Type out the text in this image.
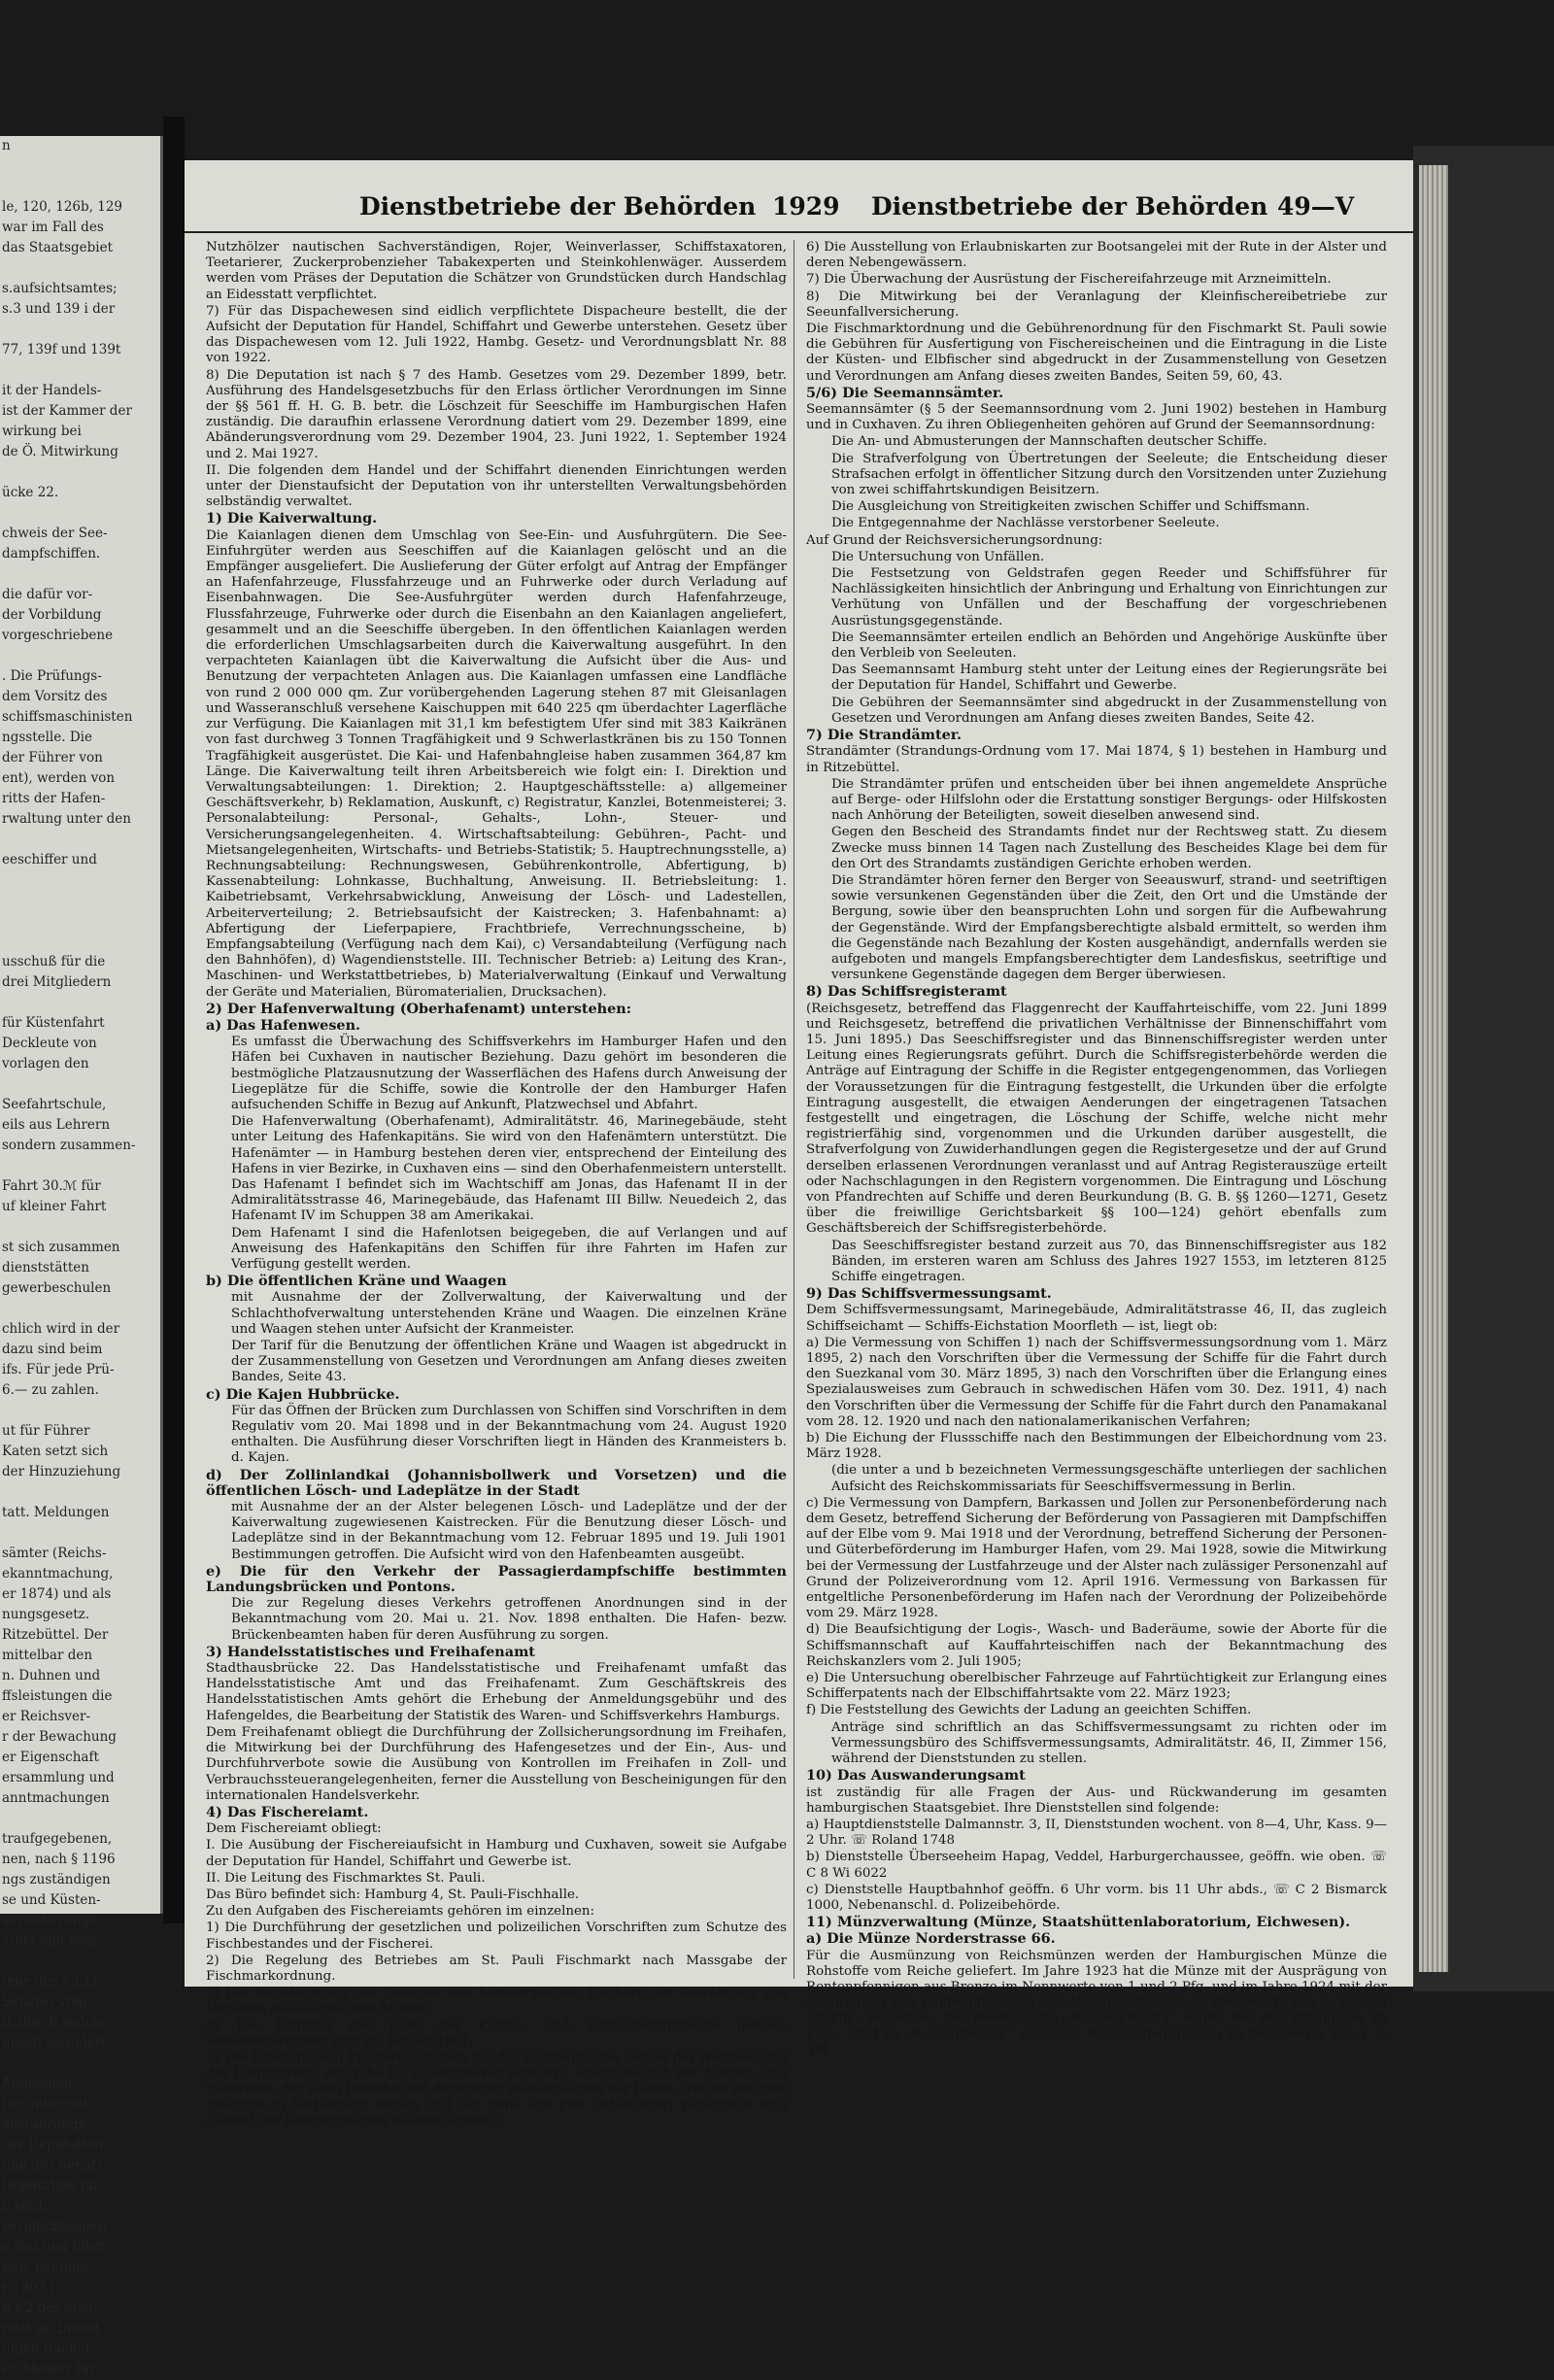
n

le, 120, 126b, 129
war im Fall des
das Staatsgebiet

s.aufsichtsamtes;
s.3 und 139 i der

77, 139f und 139t

it der Handels-
ist der Kammer der
wirkung bei
de Ö. Mitwirkung

ücke 22.

chweis der See-
dampfschiffen.

die dafür vor-
der Vorbildung
vorgeschriebene

. Die Prüfungs-
dem Vorsitz des
schiffsmaschinisten
ngsstelle. Die
der Führer von
ent), werden von
ritts der Hafen-
rwaltung unter den

eeschiffer und

usschuß für die
drei Mitgliedern

für Küstenfahrt
Deckleute von
vorlagen den

Seefahrtschule,
eils aus Lehrern
sondern zusammen-

Fahrt 30.ℳ für
uf kleiner Fahrt

st sich zusammen
dienststätten
gewerbeschulen

chlich wird in der
dazu sind beim
ifs. Für jede Prü-
6.— zu zahlen.

ut für Führer
Katen setzt sich
der Hinzuziehung

tatt. Meldungen

sämter (Reichs-
ekanntmachung,
er 1874) und als
nungsgesetz.
Ritzebüttel. Der
mittelbar den
n. Duhnen und
ffsleistungen die
er Reichsver-
r der Bewachung
er Eigenschaft
ersammlung und
anntmachungen

traufgegebenen,
nen, nach § 1196
ngs zuständigen
se und Küsten-
versicherungs-
1903 und vom

inne des § 133
Senates vom
n, durch welche
gezeit geändert

Angelegen-
lne unter ent-
ausführungs-
der Deputation
ung des Senats
Deputation für
n sind.
verpflichtenden
e fest und führt
nde, beidigte
r 1907.)
n § 2 des eben-
ndet im Dienst
digen Bucher-
er, Messer für
Dienstbetriebe der Behörden 1929 Dienstbetriebe der Behörden 49—V

Nutzhölzer nautischen Sachverständigen, Rojer, Weinverlasser, Schiffstaxatoren, Teetarierer, Zuckerprobenzieher Tabakexperten und Steinkohlenwäger. Ausserdem werden vom Präses der Deputation die Schätzer von Grundstücken durch Handschlag an Eidesstatt verpflichtet.

7) Für das Dispachewesen sind eidlich verpflichtete Dispacheure bestellt, die der Aufsicht der Deputation für Handel, Schiffahrt und Gewerbe unterstehen. Gesetz über das Dispachewesen vom 12. Juli 1922, Hambg. Gesetz- und Verordnungsblatt Nr. 88 von 1922.

8) Die Deputation ist nach § 7 des Hamb. Gesetzes vom 29. Dezember 1899, betr. Ausführung des Handelsgesetzbuchs für den Erlass örtlicher Verordnungen im Sinne der §§ 561 ff. H. G. B. betr. die Löschzeit für Seeschiffe im Hamburgischen Hafen zuständig. Die daraufhin erlassene Verordnung datiert vom 29. Dezember 1899, eine Abänderungsverordnung vom 29. Dezember 1904, 23. Juni 1922, 1. September 1924 und 2. Mai 1927.

II. Die folgenden dem Handel und der Schiffahrt dienenden Einrichtungen werden unter der Dienstaufsicht der Deputation von ihr unterstellten Verwaltungsbehörden selbständig verwaltet.

1) Die Kaiverwaltung.

Die Kaianlagen dienen dem Umschlag von See-Ein- und Ausfuhrgütern. Die See-Einfuhrgüter werden aus Seeschiffen auf die Kaianlagen gelöscht und an die Empfänger ausgeliefert. Die Auslieferung der Güter erfolgt auf Antrag der Empfänger an Hafenfahrzeuge, Flussfahrzeuge und an Fuhrwerke oder durch Verladung auf Eisenbahnwagen. Die See-Ausfuhrgüter werden durch Hafenfahrzeuge, Flussfahrzeuge, Fuhrwerke oder durch die Eisenbahn an den Kaianlagen angeliefert, gesammelt und an die Seeschiffe übergeben. In den öffentlichen Kaianlagen werden die erforderlichen Umschlagsarbeiten durch die Kaiverwaltung ausgeführt. In den verpachteten Kaianlagen übt die Kaiverwaltung die Aufsicht über die Aus- und Benutzung der verpachteten Anlagen aus. Die Kaianlagen umfassen eine Landfläche von rund 2 000 000 qm. Zur vorübergehenden Lagerung stehen 87 mit Gleisanlagen und Wasseranschluß versehene Kaischuppen mit 640 225 qm überdachter Lagerfläche zur Verfügung. Die Kaianlagen mit 31,1 km befestigtem Ufer sind mit 383 Kaikränen von fast durchweg 3 Tonnen Tragfähigkeit und 9 Schwerlastkränen bis zu 150 Tonnen Tragfähigkeit ausgerüstet. Die Kai- und Hafenbahngleise haben zusammen 364,87 km Länge. Die Kaiverwaltung teilt ihren Arbeitsbereich wie folgt ein: I. Direktion und Verwaltungsabteilungen: 1. Direktion; 2. Hauptgeschäftsstelle: a) allgemeiner Geschäftsverkehr, b) Reklamation, Auskunft, c) Registratur, Kanzlei, Botenmeisterei; 3. Personalabteilung: Personal-, Gehalts-, Lohn-, Steuer- und Versicherungsangelegenheiten. 4. Wirtschaftsabteilung: Gebühren-, Pacht- und Mietsangelegenheiten, Wirtschafts- und Betriebs-Statistik; 5. Hauptrechnungsstelle, a) Rechnungsabteilung: Rechnungswesen, Gebührenkontrolle, Abfertigung, b) Kassenabteilung: Lohnkasse, Buchhaltung, Anweisung. II. Betriebsleitung: 1. Kaibetriebsamt, Verkehrsabwicklung, Anweisung der Lösch- und Ladestellen, Arbeiterverteilung; 2. Betriebsaufsicht der Kaistrecken; 3. Hafenbahnamt: a) Abfertigung der Lieferpapiere, Frachtbriefe, Verrechnungsscheine, b) Empfangsabteilung (Verfügung nach dem Kai), c) Versandabteilung (Verfügung nach den Bahnhöfen), d) Wagendienststelle. III. Technischer Betrieb: a) Leitung des Kran-, Maschinen- und Werkstattbetriebes, b) Materialverwaltung (Einkauf und Verwaltung der Geräte und Materialien, Büromaterialien, Drucksachen).

2) Der Hafenverwaltung (Oberhafenamt) unterstehen:

a) Das Hafenwesen.

Es umfasst die Überwachung des Schiffsverkehrs im Hamburger Hafen und den Häfen bei Cuxhaven in nautischer Beziehung. Dazu gehört im besonderen die bestmögliche Platzausnutzung der Wasserflächen des Hafens durch Anweisung der Liegeplätze für die Schiffe, sowie die Kontrolle der den Hamburger Hafen aufsuchenden Schiffe in Bezug auf Ankunft, Platzwechsel und Abfahrt.

Die Hafenverwaltung (Oberhafenamt), Admiralitätstr. 46, Marinegebäude, steht unter Leitung des Hafenkapitäns. Sie wird von den Hafenämtern unterstützt. Die Hafenämter — in Hamburg bestehen deren vier, entsprechend der Einteilung des Hafens in vier Bezirke, in Cuxhaven eins — sind den Oberhafenmeistern unterstellt. Das Hafenamt I befindet sich im Wachtschiff am Jonas, das Hafenamt II in der Admiralitätsstrasse 46, Marinegebäude, das Hafenamt III Billw. Neuedeich 2, das Hafenamt IV im Schuppen 38 am Amerikakai.

Dem Hafenamt I sind die Hafenlotsen beigegeben, die auf Verlangen und auf Anweisung des Hafenkapitäns den Schiffen für ihre Fahrten im Hafen zur Verfügung gestellt werden.

b) Die öffentlichen Kräne und Waagen

mit Ausnahme der der Zollverwaltung, der Kaiverwaltung und der Schlachthofverwaltung unterstehenden Kräne und Waagen. Die einzelnen Kräne und Waagen stehen unter Aufsicht der Kranmeister.

Der Tarif für die Benutzung der öffentlichen Kräne und Waagen ist abgedruckt in der Zusammenstellung von Gesetzen und Verordnungen am Anfang dieses zweiten Bandes, Seite 43.

c) Die Kajen Hubbrücke.

Für das Öffnen der Brücken zum Durchlassen von Schiffen sind Vorschriften in dem Regulativ vom 20. Mai 1898 und in der Bekanntmachung vom 24. August 1920 enthalten. Die Ausführung dieser Vorschriften liegt in Händen des Kranmeisters b. d. Kajen.

d) Der Zollinlandkai (Johannisbollwerk und Vorsetzen) und die öffentlichen Lösch- und Ladeplätze in der Stadt

mit Ausnahme der an der Alster belegenen Lösch- und Ladeplätze und der der Kaiverwaltung zugewiesenen Kaistrecken. Für die Benutzung dieser Lösch- und Ladeplätze sind in der Bekanntmachung vom 12. Februar 1895 und 19. Juli 1901 Bestimmungen getroffen. Die Aufsicht wird von den Hafenbeamten ausgeübt.

e) Die für den Verkehr der Passagierdampfschiffe bestimmten Landungsbrücken und Pontons.

Die zur Regelung dieses Verkehrs getroffenen Anordnungen sind in der Bekanntmachung vom 20. Mai u. 21. Nov. 1898 enthalten. Die Hafen- bezw. Brückenbeamten haben für deren Ausführung zu sorgen.

3) Handelsstatistisches und Freihafenamt

Stadthausbrücke 22. Das Handelsstatistische und Freihafenamt umfaßt das Handelsstatistische Amt und das Freihafenamt. Zum Geschäftskreis des Handelsstatistischen Amts gehört die Erhebung der Anmeldungsgebühr und des Hafengeldes, die Bearbeitung der Statistik des Waren- und Schiffsverkehrs Hamburgs.

Dem Freihafenamt obliegt die Durchführung der Zollsicherungsordnung im Freihafen, die Mitwirkung bei der Durchführung des Hafengesetzes und der Ein-, Aus- und Durchfuhrverbote sowie die Ausübung von Kontrollen im Freihafen in Zoll- und Verbrauchssteuerangelegenheiten, ferner die Ausstellung von Bescheinigungen für den internationalen Handelsverkehr.

4) Das Fischereiamt.

Dem Fischereiamt obliegt:

I. Die Ausübung der Fischereiaufsicht in Hamburg und Cuxhaven, soweit sie Aufgabe der Deputation für Handel, Schiffahrt und Gewerbe ist.

II. Die Leitung des Fischmarktes St. Pauli.

Das Büro befindet sich: Hamburg 4, St. Pauli-Fischhalle.

Zu den Aufgaben des Fischereiamts gehören im einzelnen:

1) Die Durchführung der gesetzlichen und polizeilichen Vorschriften zum Schutze des Fischbestandes und der Fischerei.

2) Die Regelung des Betriebes am St. Pauli Fischmarkt nach Massgabe der Fischmarkordnung.

3) Die Begutachtung der Gesuche von hamburgischen Fischern um Gewährung von Darlehen aus öffentlichen Mitteln.

4) Die Führung der Liste der Küsten- und Elbfischerfahrzeuge gemäss Senatsverordnung vom 25. Januar 1901.

5) Die Erteilung von Fischereischeinen für das hamburgische Gebiet der Nordsee und des Hauptstroms der Elbe bis Zollenspieker aufwärts, einschliesslich der Norder- und Süderelbe, der alten Dovelbe und derjenigen Wasserflächen der Häfen, welche mit dem Elbstrom in Verbindung stehen und der Ebbe und Flut unbehindert zugänglich sind (Gebiet der hamburgischen Küstenfischerei).

6) Die Ausstellung von Erlaubniskarten zur Bootsangelei mit der Rute in der Alster und deren Nebengewässern.

7) Die Überwachung der Ausrüstung der Fischereifahrzeuge mit Arzneimitteln.

8) Die Mitwirkung bei der Veranlagung der Kleinfischereibetriebe zur Seeunfallversicherung.

Die Fischmarktordnung und die Gebührenordnung für den Fischmarkt St. Pauli sowie die Gebühren für Ausfertigung von Fischereischeinen und die Eintragung in die Liste der Küsten- und Elbfischer sind abgedruckt in der Zusammenstellung von Gesetzen und Verordnungen am Anfang dieses zweiten Bandes, Seiten 59, 60, 43.

5/6) Die Seemannsämter.

Seemannsämter (§ 5 der Seemannsordnung vom 2. Juni 1902) bestehen in Hamburg und in Cuxhaven. Zu ihren Obliegenheiten gehören auf Grund der Seemannsordnung:

Die An- und Abmusterungen der Mannschaften deutscher Schiffe.

Die Strafverfolgung von Übertretungen der Seeleute; die Entscheidung dieser Strafsachen erfolgt in öffentlicher Sitzung durch den Vorsitzenden unter Zuziehung von zwei schiffahrtskundigen Beisitzern.

Die Ausgleichung von Streitigkeiten zwischen Schiffer und Schiffsmann.

Die Entgegennahme der Nachlässe verstorbener Seeleute.

Auf Grund der Reichsversicherungsordnung:

Die Untersuchung von Unfällen.

Die Festsetzung von Geldstrafen gegen Reeder und Schiffsführer für Nachlässigkeiten hinsichtlich der Anbringung und Erhaltung von Einrichtungen zur Verhütung von Unfällen und der Beschaffung der vorgeschriebenen Ausrüstungsgegenstände.

Die Seemannsämter erteilen endlich an Behörden und Angehörige Auskünfte über den Verbleib von Seeleuten.

Das Seemannsamt Hamburg steht unter der Leitung eines der Regierungsräte bei der Deputation für Handel, Schiffahrt und Gewerbe.

Die Gebühren der Seemannsämter sind abgedruckt in der Zusammenstellung von Gesetzen und Verordnungen am Anfang dieses zweiten Bandes, Seite 42.

7) Die Strandämter.

Strandämter (Strandungs-Ordnung vom 17. Mai 1874, § 1) bestehen in Hamburg und in Ritzebüttel.

Die Strandämter prüfen und entscheiden über bei ihnen angemeldete Ansprüche auf Berge- oder Hilfslohn oder die Erstattung sonstiger Bergungs- oder Hilfskosten nach Anhörung der Beteiligten, soweit dieselben anwesend sind.

Gegen den Bescheid des Strandamts findet nur der Rechtsweg statt. Zu diesem Zwecke muss binnen 14 Tagen nach Zustellung des Bescheides Klage bei dem für den Ort des Strandamts zuständigen Gerichte erhoben werden.

Die Strandämter hören ferner den Berger von Seeauswurf, strand- und seetriftigen sowie versunkenen Gegenständen über die Zeit, den Ort und die Umstände der Bergung, sowie über den beanspruchten Lohn und sorgen für die Aufbewahrung der Gegenstände. Wird der Empfangsberechtigte alsbald ermittelt, so werden ihm die Gegenstände nach Bezahlung der Kosten ausgehändigt, andernfalls werden sie aufgeboten und mangels Empfangsberechtigter dem Landesfiskus, seetriftige und versunkene Gegenstände dagegen dem Berger überwiesen.

8) Das Schiffsregisteramt

(Reichsgesetz, betreffend das Flaggenrecht der Kauffahrteischiffe, vom 22. Juni 1899 und Reichsgesetz, betreffend die privatlichen Verhältnisse der Binnenschiffahrt vom 15. Juni 1895.) Das Seeschiffsregister und das Binnenschiffsregister werden unter Leitung eines Regierungsrats geführt. Durch die Schiffsregisterbehörde werden die Anträge auf Eintragung der Schiffe in die Register entgegengenommen, das Vorliegen der Voraussetzungen für die Eintragung festgestellt, die Urkunden über die erfolgte Eintragung ausgestellt, die etwaigen Aenderungen der eingetragenen Tatsachen festgestellt und eingetragen, die Löschung der Schiffe, welche nicht mehr registrierfähig sind, vorgenommen und die Urkunden darüber ausgestellt, die Strafverfolgung von Zuwiderhandlungen gegen die Registergesetze und der auf Grund derselben erlassenen Verordnungen veranlasst und auf Antrag Registerauszüge erteilt oder Nachschlagungen in den Registern vorgenommen. Die Eintragung und Löschung von Pfandrechten auf Schiffe und deren Beurkundung (B. G. B. §§ 1260—1271, Gesetz über die freiwillige Gerichtsbarkeit §§ 100—124) gehört ebenfalls zum Geschäftsbereich der Schiffsregisterbehörde.

Das Seeschiffsregister bestand zurzeit aus 70, das Binnenschiffsregister aus 182 Bänden, im ersteren waren am Schluss des Jahres 1927 1553, im letzteren 8125 Schiffe eingetragen.

9) Das Schiffsvermessungsamt.

Dem Schiffsvermessungsamt, Marinegebäude, Admiralitätstrasse 46, II, das zugleich Schiffseichamt — Schiffs-Eichstation Moorfleth — ist, liegt ob:

a) Die Vermessung von Schiffen 1) nach der Schiffsvermessungsordnung vom 1. März 1895, 2) nach den Vorschriften über die Vermessung der Schiffe für die Fahrt durch den Suezkanal vom 30. März 1895, 3) nach den Vorschriften über die Erlangung eines Spezialausweises zum Gebrauch in schwedischen Häfen vom 30. Dez. 1911, 4) nach den Vorschriften über die Vermessung der Schiffe für die Fahrt durch den Panamakanal vom 28. 12. 1920 und nach den nationalamerikanischen Verfahren;

b) Die Eichung der Flussschiffe nach den Bestimmungen der Elbeichordnung vom 23. März 1928.

(die unter a und b bezeichneten Vermessungsgeschäfte unterliegen der sachlichen Aufsicht des Reichskommissariats für Seeschiffsvermessung in Berlin.

c) Die Vermessung von Dampfern, Barkassen und Jollen zur Personenbeförderung nach dem Gesetz, betreffend Sicherung der Beförderung von Passagieren mit Dampfschiffen auf der Elbe vom 9. Mai 1918 und der Verordnung, betreffend Sicherung der Personen- und Güterbeförderung im Hamburger Hafen, vom 29. Mai 1928, sowie die Mitwirkung bei der Vermessung der Lustfahrzeuge und der Alster nach zulässiger Personenzahl auf Grund der Polizeiverordnung vom 12. April 1916. Vermessung von Barkassen für entgeltliche Personenbeförderung im Hafen nach der Verordnung der Polizeibehörde vom 29. März 1928.

d) Die Beaufsichtigung der Logis-, Wasch- und Baderäume, sowie der Aborte für die Schiffsmannschaft auf Kauffahrteischiffen nach der Bekanntmachung des Reichskanzlers vom 2. Juli 1905;

e) Die Untersuchung oberelbischer Fahrzeuge auf Fahrtüchtigkeit zur Erlangung eines Schifferpatents nach der Elbschiffahrtsakte vom 22. März 1923;

f) Die Feststellung des Gewichts der Ladung an geeichten Schiffen.

Anträge sind schriftlich an das Schiffsvermessungsamt zu richten oder im Vermessungsbüro des Schiffsvermessungsamts, Admiralitätstr. 46, II, Zimmer 156, während der Dienststunden zu stellen.

10) Das Auswanderungsamt

ist zuständig für alle Fragen der Aus- und Rückwanderung im gesamten hamburgischen Staatsgebiet. Ihre Dienststellen sind folgende:

a) Hauptdienststelle Dalmannstr. 3, II, Dienststunden wochent. von 8—4, Uhr, Kass. 9—2 Uhr. ☏ Roland 1748

b) Dienststelle Überseeheim Hapag, Veddel, Harburgerchaussee, geöffn. wie oben. ☏ C 8 Wi 6022

c) Dienststelle Hauptbahnhof geöffn. 6 Uhr vorm. bis 11 Uhr abds., ☏ C 2 Bismarck 1000, Nebenanschl. d. Polizeibehörde.

11) Münzverwaltung (Münze, Staatshüttenlaboratorium, Eichwesen).

a) Die Münze Norderstrasse 66.

Für die Ausmünzung von Reichsmünzen werden der Hamburgischen Münze die Rohstoffe vom Reiche geliefert. Im Jahre 1923 hat die Münze mit der Ausprägung von Rentenpfennigen aus Bronze im Nennwerte von 1 und 2 Pfg. und im Jahre 1924 mit der Ausprägung von Rentenpfennigen aus Aluminiumbronze im Nennwerte von 5, 10 und 50 Pfg., begonnen. Die Bezeichnung „Rentenpfennig“ wurde bei den Prägungen ab Ende 1924 in „Reichspfennig“ geändert. Reichssilbermünzen im Nennwerte von 1 u. 3M.
